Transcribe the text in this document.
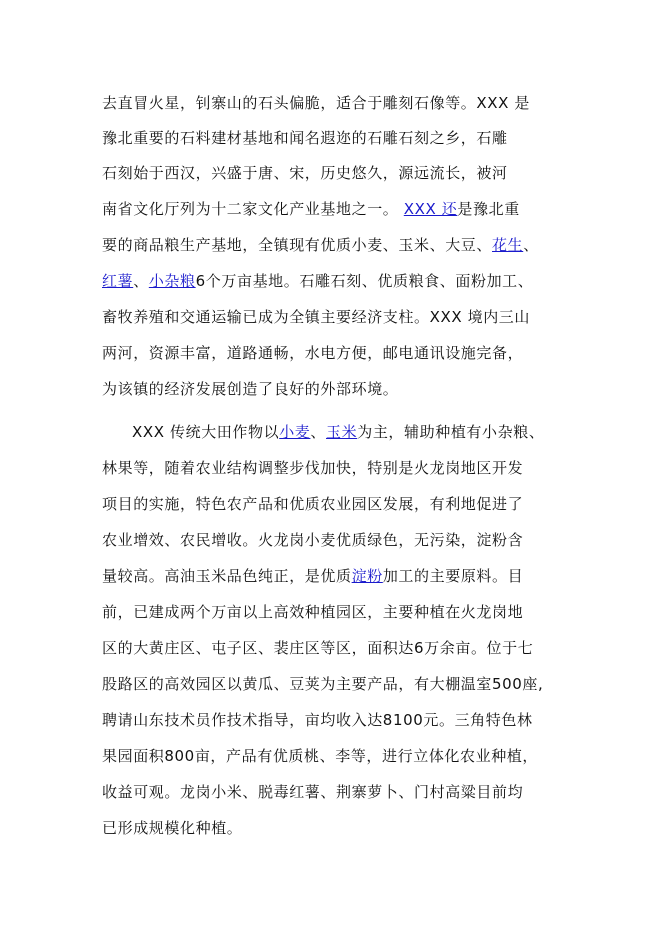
去直冒火星，钊寨山的石头偏脆，适合于雕刻石像等。XXX 是
豫北重要的石料建材基地和闻名遐迩的石雕石刻之乡，石雕
石刻始于西汉，兴盛于唐、宋，历史悠久，源远流长，被河
南省文化厅列为十二家文化产业基地之一。 XXX 还是豫北重
要的商品粮生产基地，全镇现有优质小麦、玉米、大豆、花生、
红薯、小杂粮6个万亩基地。石雕石刻、优质粮食、面粉加工、
畜牧养殖和交通运输已成为全镇主要经济支柱。XXX 境内三山
两河，资源丰富，道路通畅，水电方便，邮电通讯设施完备，
为该镇的经济发展创造了良好的外部环境。
XXX 传统大田作物以小麦、玉米为主，辅助种植有小杂粮、
林果等，随着农业结构调整步伐加快，特别是火龙岗地区开发
项目的实施，特色农产品和优质农业园区发展，有利地促进了
农业增效、农民增收。火龙岗小麦优质绿色，无污染，淀粉含
量较高。高油玉米品色纯正，是优质淀粉加工的主要原料。目
前，已建成两个万亩以上高效种植园区，主要种植在火龙岗地
区的大黄庄区、屯子区、裴庄区等区，面积达6万余亩。位于七
股路区的高效园区以黄瓜、豆荚为主要产品，有大棚温室500座,
聘请山东技术员作技术指导，亩均收入达8100元。三角特色林
果园面积800亩，产品有优质桃、李等，进行立体化农业种植，
收益可观。龙岗小米、脱毒红薯、荆寨萝卜、门村高粱目前均
已形成规模化种植。
